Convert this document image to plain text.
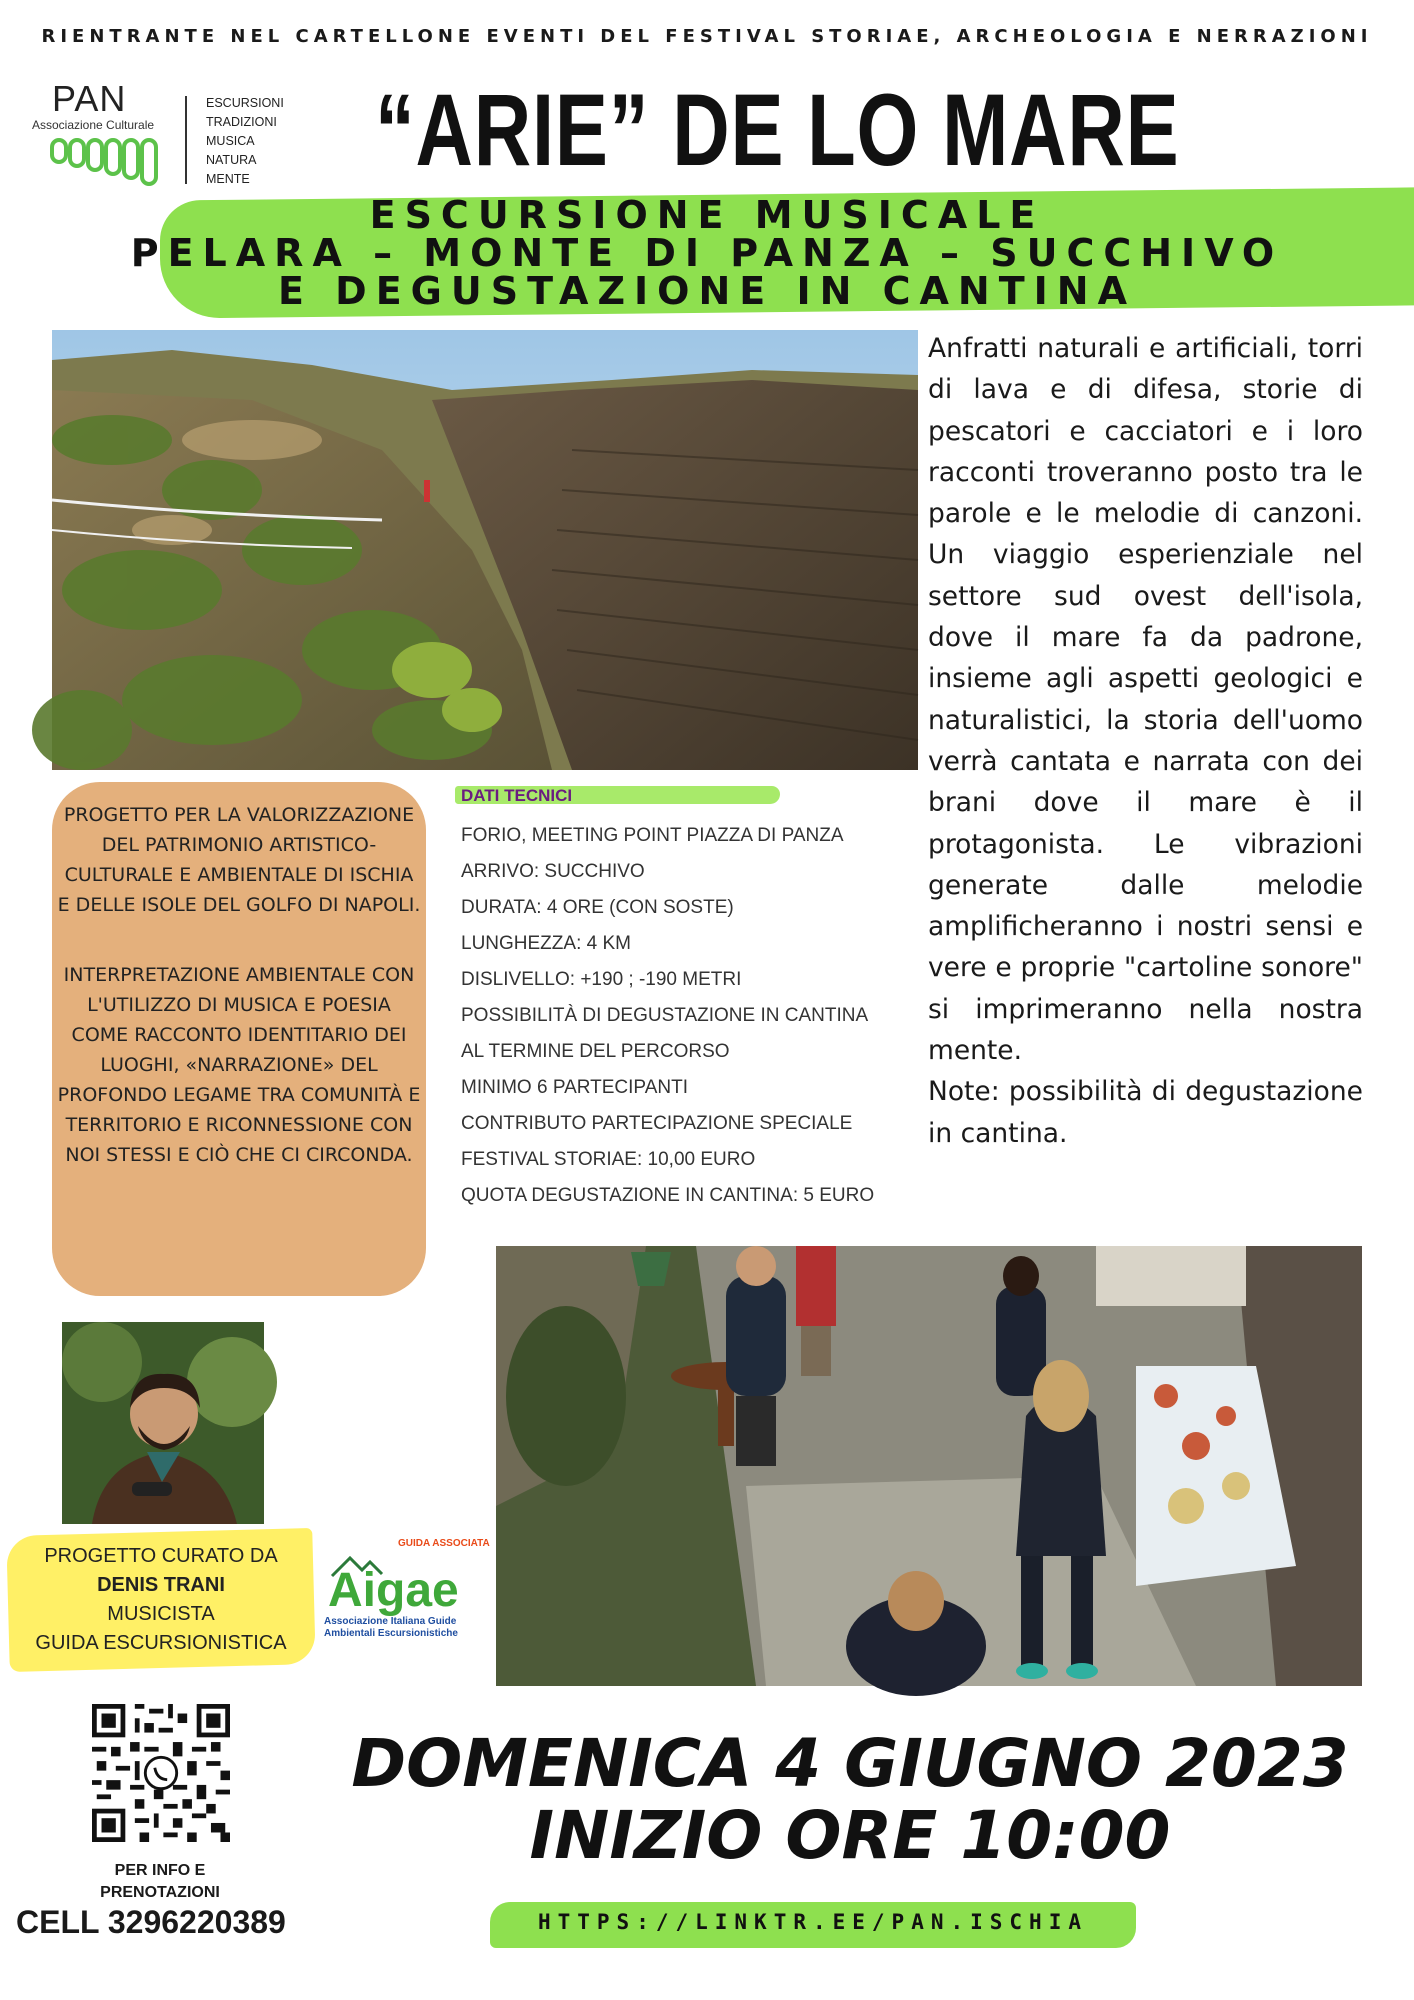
RIENTRANTE NEL CARTELLONE EVENTI DEL FESTIVAL STORIAE, ARCHEOLOGIA E NERRAZIONI
PAN
Associazione Culturale
ESCURSIONI
TRADIZIONI
MUSICA
NATURA
MENTE	“ARIE” DE LO MARE
ESCURSIONE MUSICALE
PELARA – MONTE DI PANZA – SUCCHIVO
E DEGUSTAZIONE IN CANTINA
Anfratti naturali e artificiali, torri di lava e di difesa, storie di pescatori e cacciatori e i loro racconti troveranno posto tra le parole e le melodie di canzoni. Un viaggio esperienziale nel settore sud ovest dell'isola, dove il mare fa da padrone, insieme agli aspetti geologici e naturalistici, la storia dell'uomo verrà cantata e narrata con dei brani dove il mare è il protagonista. Le vibrazioni generate dalle melodie amplificheranno i nostri sensi e vere e proprie "cartoline sonore" si imprimeranno nella nostra mente.
Note: possibilità di degustazione in cantina.

PROGETTO PER LA VALORIZZAZIONE DEL PATRIMONIO ARTISTICO-CULTURALE E AMBIENTALE DI ISCHIA E DELLE ISOLE DEL GOLFO DI NAPOLI.

INTERPRETAZIONE AMBIENTALE CON L'UTILIZZO DI MUSICA E POESIA COME RACCONTO IDENTITARIO DEI LUOGHI, «NARRAZIONE» DEL PROFONDO LEGAME TRA COMUNITÀ E TERRITORIO E RICONNESSIONE CON NOI STESSI E CIÒ CHE CI CIRCONDA.

DATI TECNICI
FORIO, MEETING POINT PIAZZA DI PANZA
ARRIVO: SUCCHIVO
DURATA: 4 ORE (CON SOSTE)
LUNGHEZZA: 4 KM
DISLIVELLO: +190 ; -190 METRI
POSSIBILITÀ DI DEGUSTAZIONE IN CANTINA
AL TERMINE DEL PERCORSO
MINIMO 6 PARTECIPANTI
CONTRIBUTO PARTECIPAZIONE SPECIALE
FESTIVAL STORIAE: 10,00 EURO
QUOTA DEGUSTAZIONE IN CANTINA: 5 EURO
PROGETTO CURATO DA
DENIS TRANI
MUSICISTA
GUIDA ESCURSIONISTICA
GUIDA ASSOCIATA
Aigae
Associazione Italiana Guide
Ambientali Escursionistiche
PER INFO E
PRENOTAZIONI
CELL 3296220389
DOMENICA 4 GIUGNO 2023
INIZIO ORE 10:00
HTTPS://LINKTR.EE/PAN.ISCHIA
